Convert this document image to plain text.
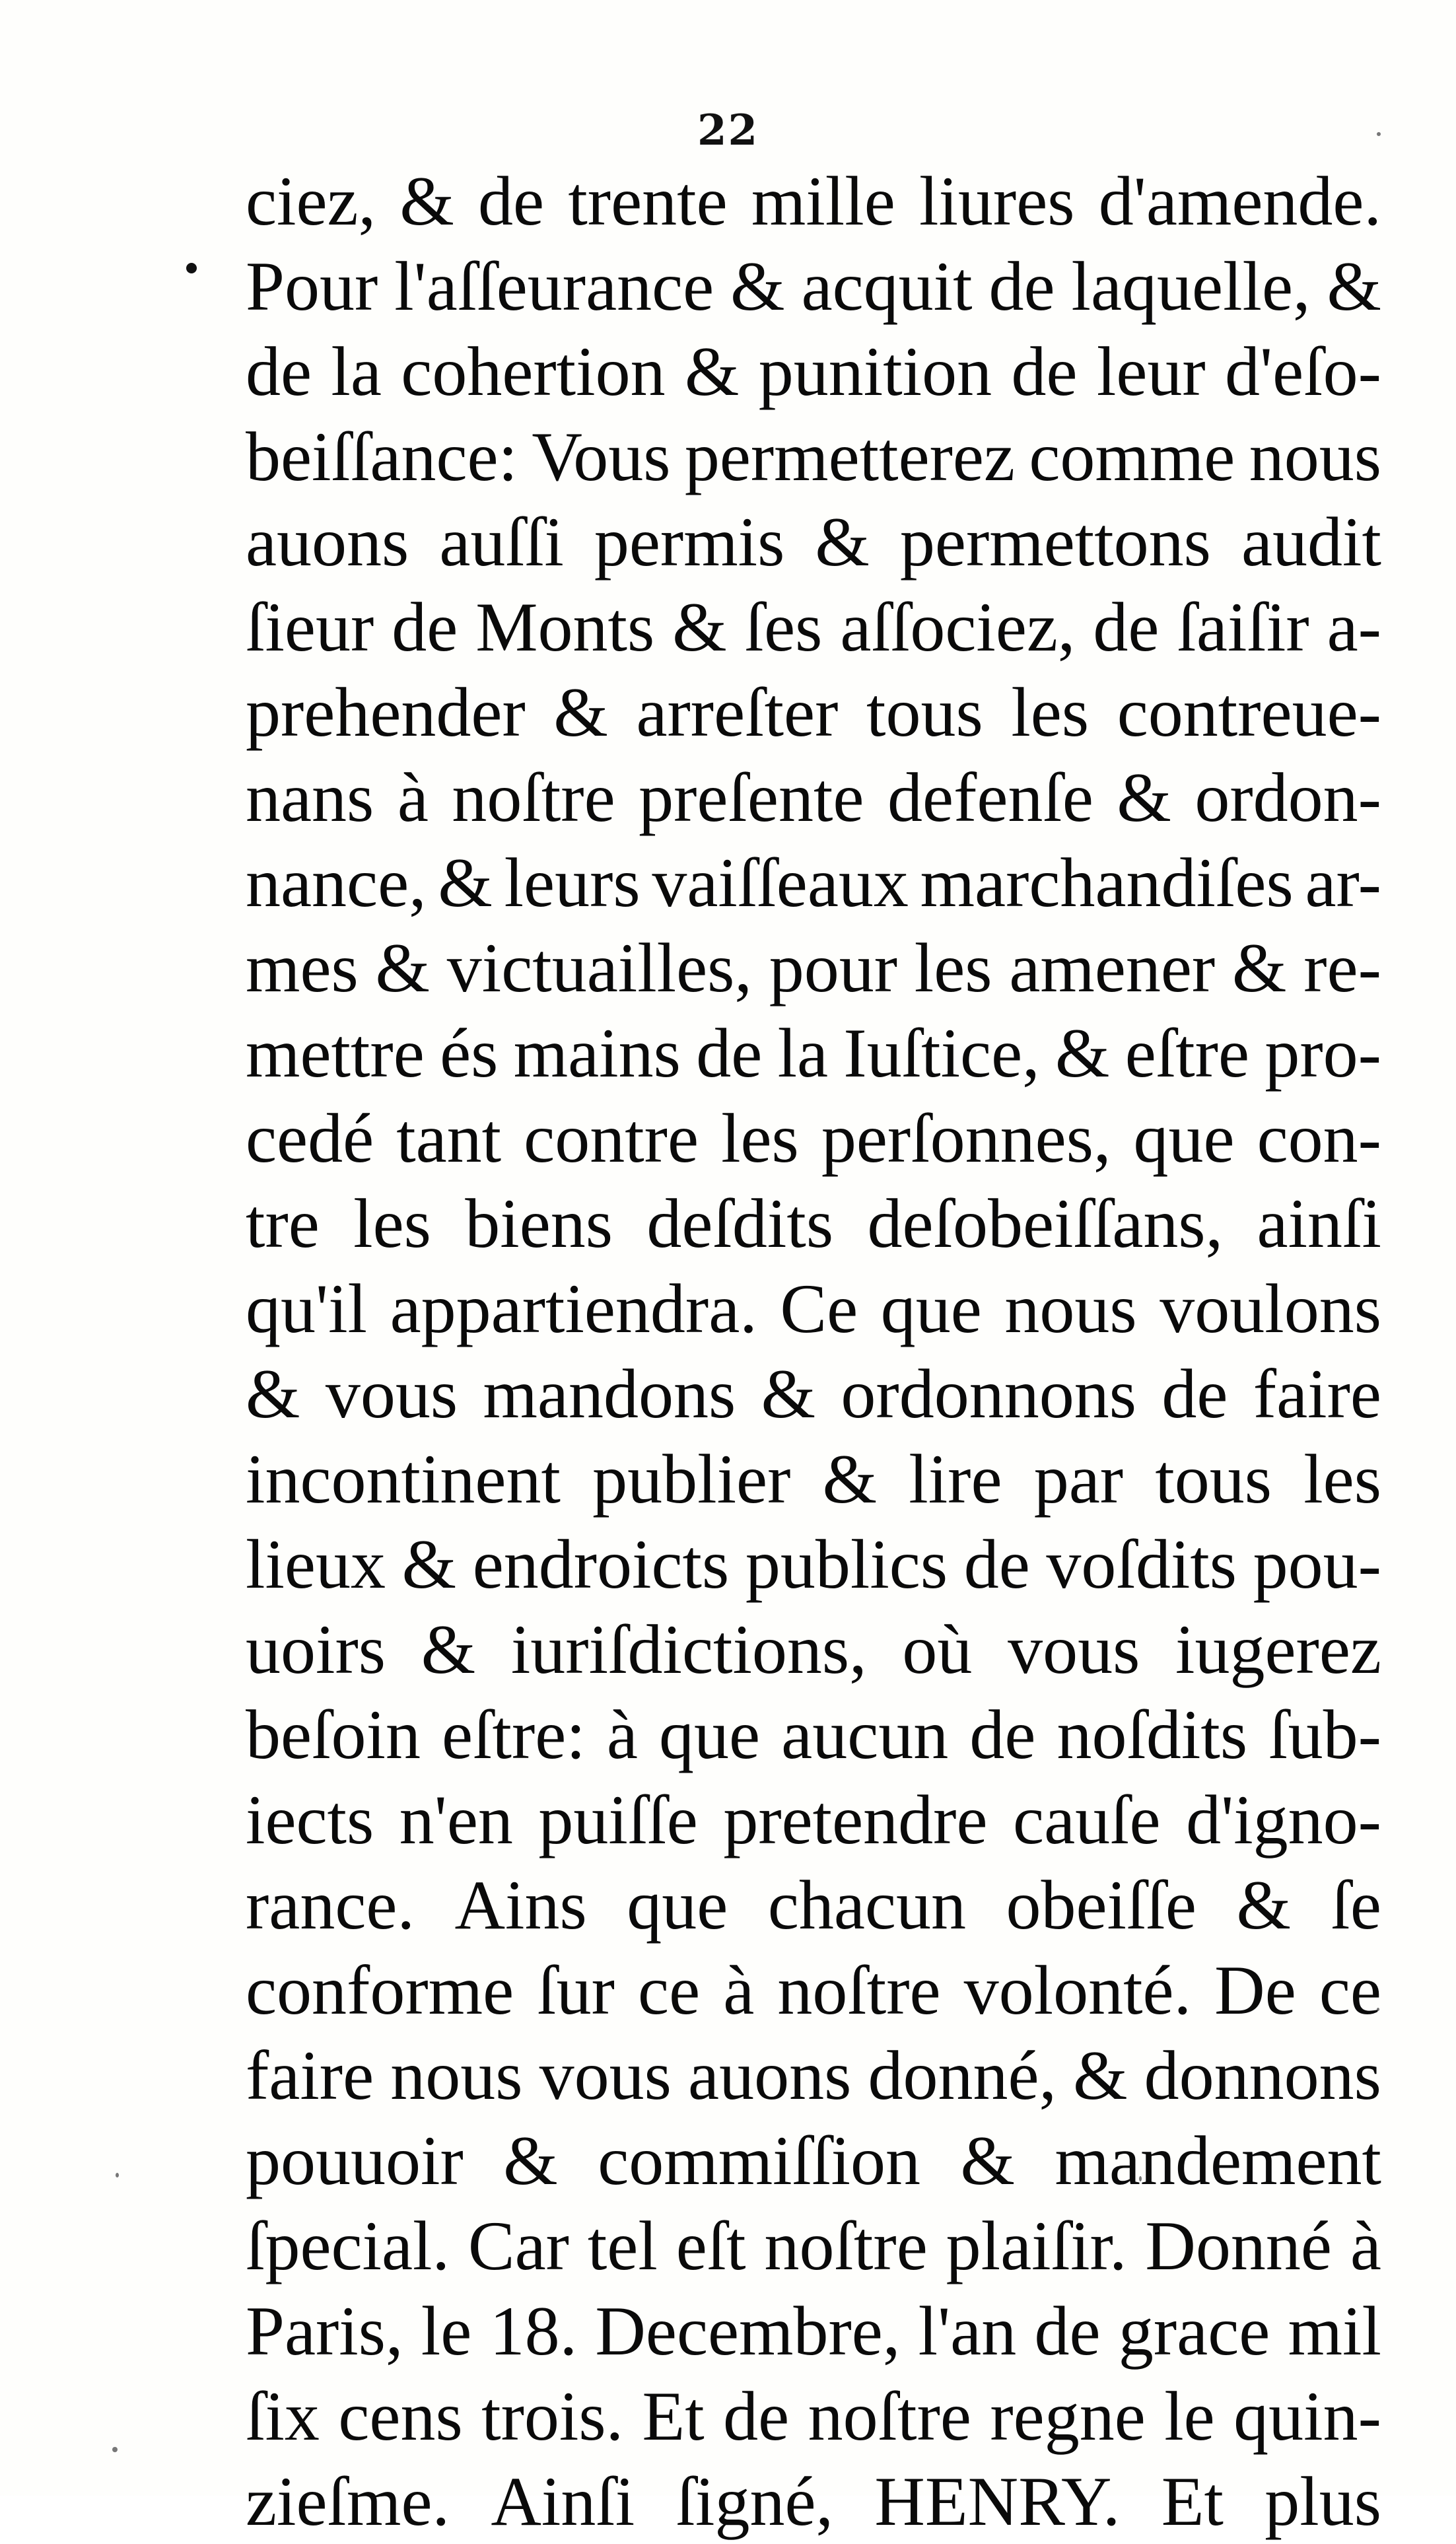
22
ciez, & de trente mille liures d'amende.
Pour l'aſſeurance & acquit de laquelle, &
de la cohertion & punition de leur d'eſo-
beiſſance: Vous permetterez comme nous
auons auſſi permis & permettons audit
ſieur de Monts & ſes aſſociez, de ſaiſir a-
prehender & arreſter tous les contreue-
nans à noſtre preſente defenſe & ordon-
nance, & leurs vaiſſeaux marchandiſes ar-
mes & victuailles, pour les amener & re-
mettre és mains de la Iuſtice, & eſtre pro-
cedé tant contre les perſonnes, que con-
tre les biens deſdits deſobeiſſans, ainſi
qu'il appartiendra. Ce que nous voulons
& vous mandons & ordonnons de faire
incontinent publier & lire par tous les
lieux & endroicts publics de voſdits pou-
uoirs & iuriſdictions, où vous iugerez
beſoin eſtre: à que aucun de noſdits ſub-
iects n'en puiſſe pretendre cauſe d'igno-
rance. Ains que chacun obeiſſe & ſe
conforme ſur ce à noſtre volonté. De ce
faire nous vous auons donné, & donnons
pouuoir & commiſſion & mandement
ſpecial. Car tel eſt noſtre plaiſir. Donné à
Paris, le 18. Decembre, l'an de grace mil
ſix cens trois. Et de noſtre regne le quin-
zieſme. Ainſi ſigné, HENRY. Et plus
